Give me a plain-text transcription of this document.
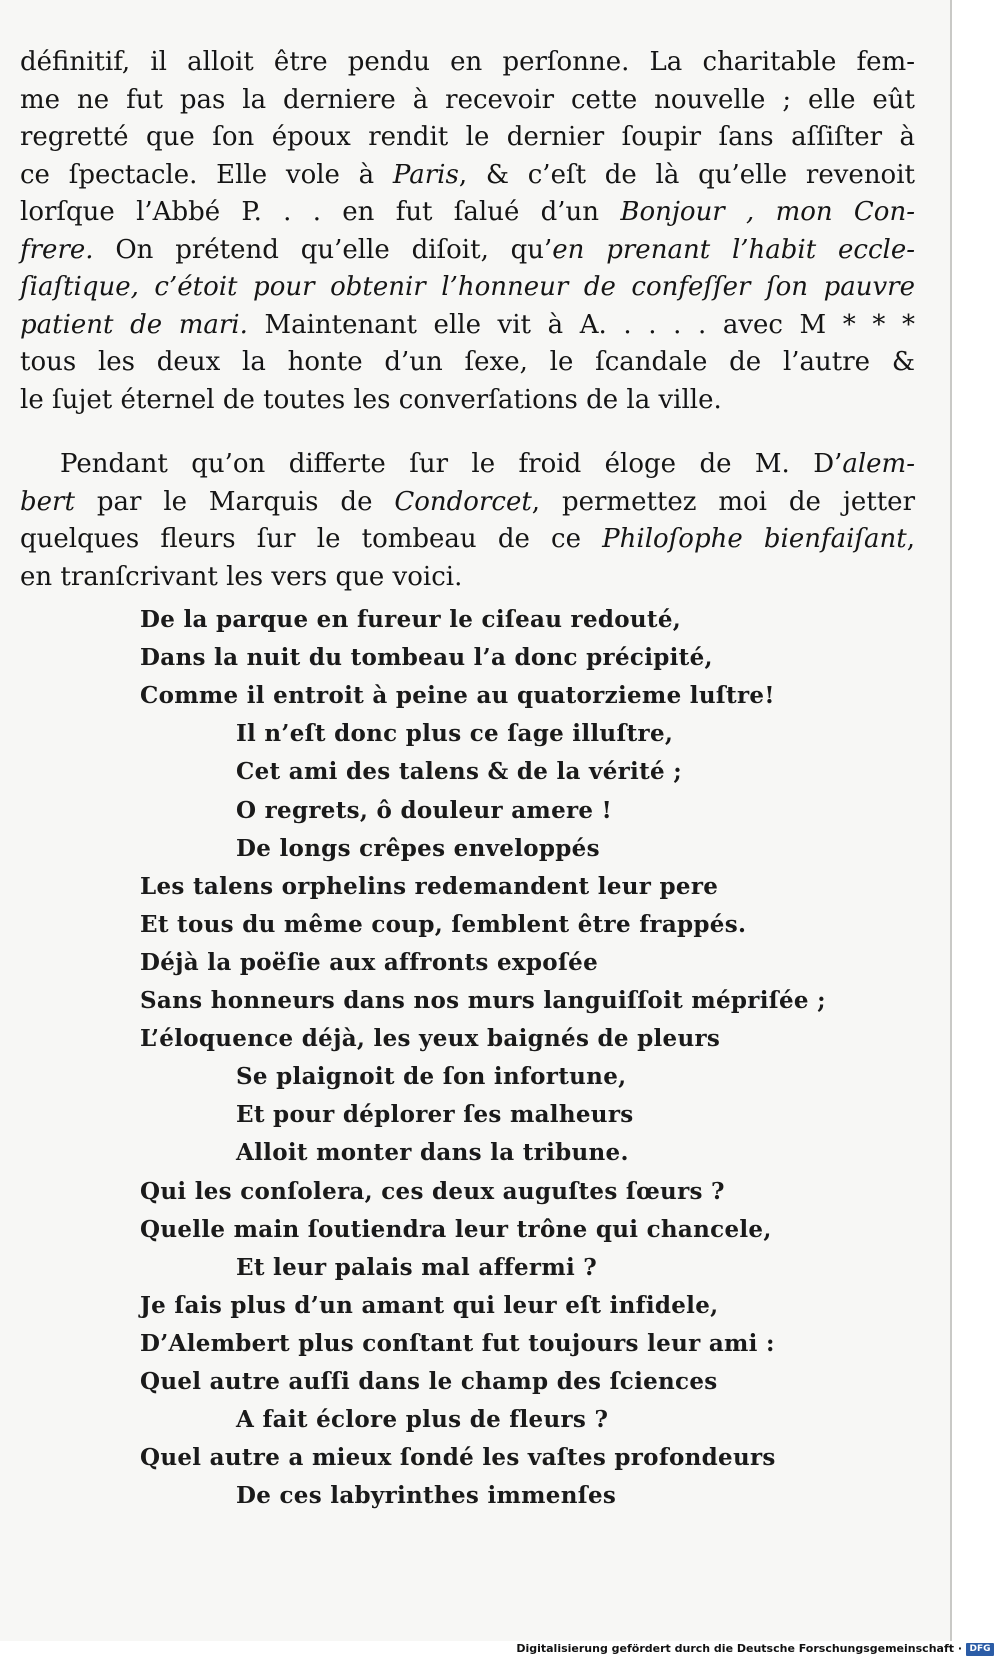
définitif, il alloit être pendu en perſonne. La charitable fem-

me ne fut pas la derniere à recevoir cette nouvelle ; elle eût

regretté que ſon époux rendit le dernier ſoupir ſans aſſiſter à

ce ſpectacle. Elle vole à Paris, & c’eſt de là qu’elle revenoit

lorſque l’Abbé P. . . en fut ſalué d’un Bonjour , mon Con-

frere. On prétend qu’elle diſoit, qu’en prenant l’habit eccle-

ſiaſtique, c’étoit pour obtenir l’honneur de confeſſer ſon pauvre

patient de mari. Maintenant elle vit à A. . . . . avec M * * *

tous les deux la honte d’un ſexe, le ſcandale de l’autre &

le ſujet éternel de toutes les converſations de la ville.

Pendant qu’on differte ſur le froid éloge de M. D’alem-

bert par le Marquis de Condorcet, permettez moi de jetter

quelques fleurs ſur le tombeau de ce Philoſophe bienfaiſant,

en tranſcrivant les vers que voici.

De la parque en fureur le ciſeau redouté,
Dans la nuit du tombeau l’a donc précipité,
Comme il entroit à peine au quatorzieme luſtre!
Il n’eſt donc plus ce ſage illuſtre,
Cet ami des talens & de la vérité ;
O regrets, ô douleur amere !
De longs crêpes enveloppés
Les talens orphelins redemandent leur pere
Et tous du même coup, ſemblent être frappés.
Déjà la poëſie aux affronts expoſée
Sans honneurs dans nos murs languiſſoit mépriſée ;
L’éloquence déjà, les yeux baignés de pleurs
Se plaignoit de ſon infortune,
Et pour déplorer ſes malheurs
Alloit monter dans la tribune.
Qui les conſolera, ces deux auguſtes ſœurs ?
Quelle main ſoutiendra leur trône qui chancele,
Et leur palais mal affermi ?
Je ſais plus d’un amant qui leur eſt infidele,
D’Alembert plus conſtant fut toujours leur ami :
Quel autre auſſi dans le champ des ſciences
A fait éclore plus de fleurs ?
Quel autre a mieux ſondé les vaſtes profondeurs
De ces labyrinthes immenſes
Digitalisierung gefördert durch die Deutsche Forschungsgemeinschaft · DFG
